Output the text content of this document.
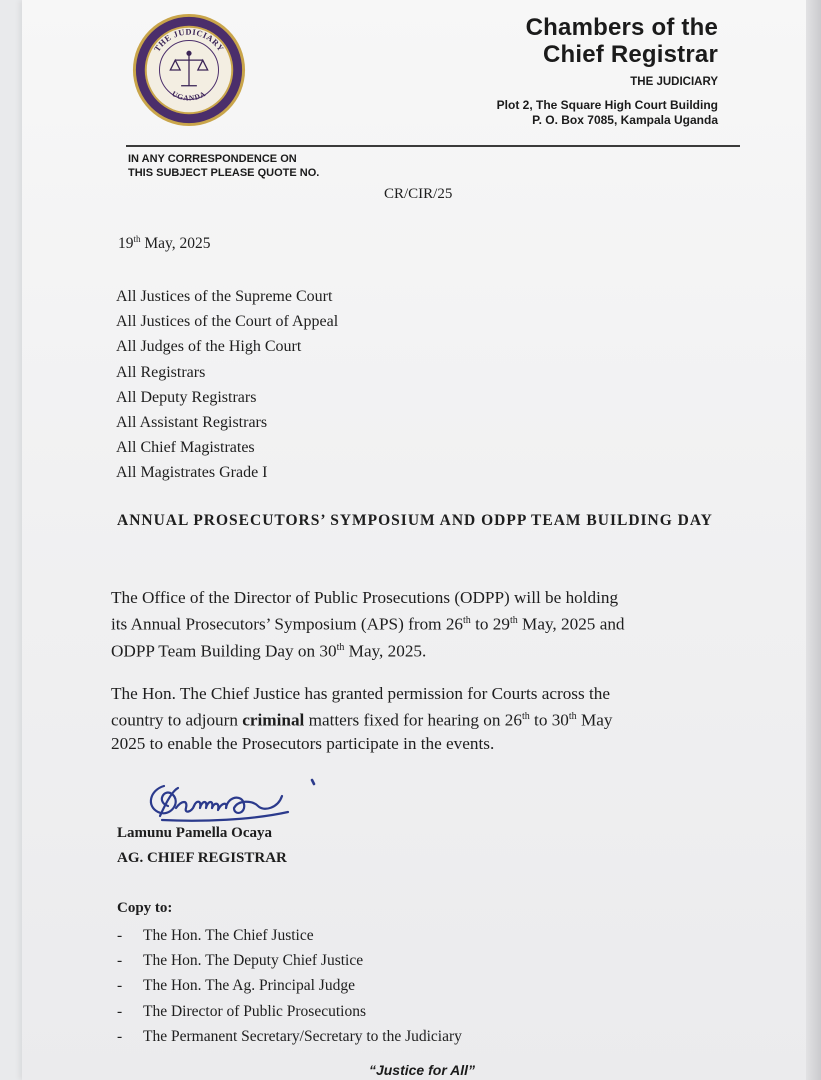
THE JUDICIARY
UGANDA
Chambers of the
Chief Registrar
THE JUDICIARY
Plot 2, The Square High Court Building
P. O. Box 7085, Kampala Uganda
IN ANY CORRESPONDENCE ON
THIS SUBJECT PLEASE QUOTE NO.
CR/CIR/25
19th May, 2025
All Justices of the Supreme Court
All Justices of the Court of Appeal
All Judges of the High Court
All Registrars
All Deputy Registrars
All Assistant Registrars
All Chief Magistrates
All Magistrates Grade I
ANNUAL PROSECUTORS’ SYMPOSIUM AND ODPP TEAM BUILDING DAY

The Office of the Director of Public Prosecutions (ODPP) will be holding
its Annual Prosecutors’ Symposium (APS) from 26th to 29th May, 2025 and
ODPP Team Building Day on 30th May, 2025.

The Hon. The Chief Justice has granted permission for Courts across the
country to adjourn criminal matters fixed for hearing on 26th to 30th May
2025 to enable the Prosecutors participate in the events.

Lamunu Pamella Ocaya
AG. CHIEF REGISTRAR
Copy to:
-	The Hon. The Chief Justice
-	The Hon. The Deputy Chief Justice
-	The Hon. The Ag. Principal Judge
-	The Director of Public Prosecutions
-	The Permanent Secretary/Secretary to the Judiciary
“Justice for All”
